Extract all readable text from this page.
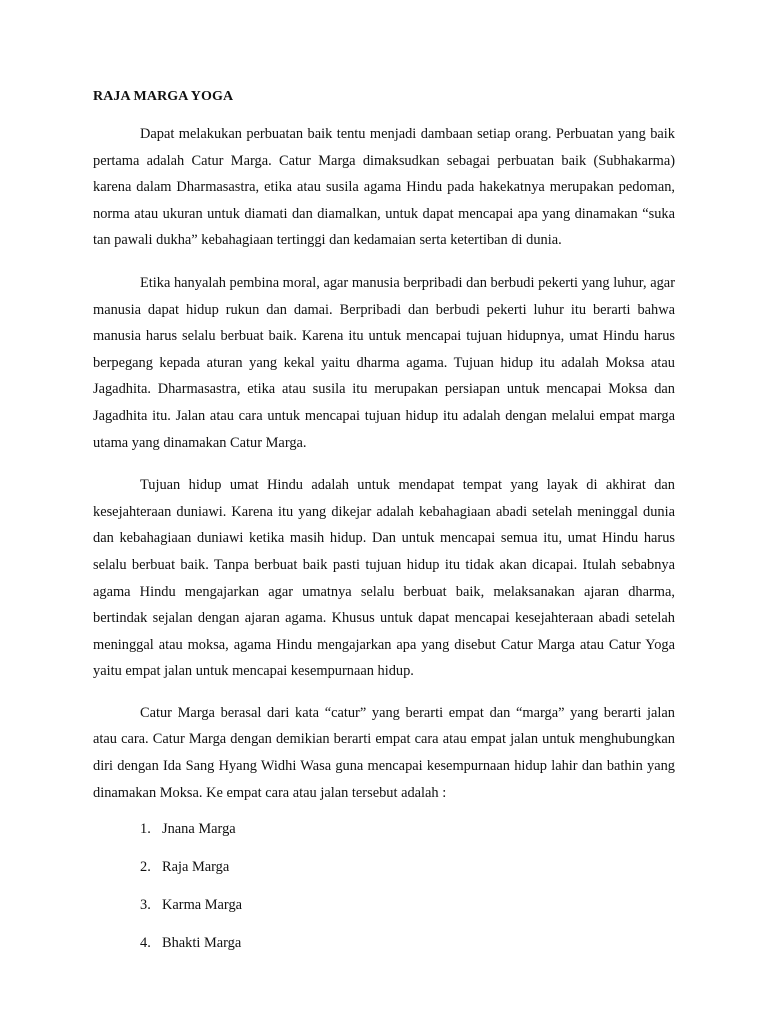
RAJA MARGA YOGA

Dapat melakukan perbuatan baik tentu menjadi dambaan setiap orang. Perbuatan yang baik pertama adalah Catur Marga. Catur Marga dimaksudkan sebagai perbuatan baik (Subhakarma) karena dalam Dharmasastra, etika atau susila agama Hindu pada hakekatnya merupakan pedoman, norma atau ukuran untuk diamati dan diamalkan, untuk dapat mencapai apa yang dinamakan “suka tan pawali dukha” kebahagiaan tertinggi dan kedamaian serta ketertiban di dunia.

Etika hanyalah pembina moral, agar manusia berpribadi dan berbudi pekerti yang luhur, agar manusia dapat hidup rukun dan damai. Berpribadi dan berbudi pekerti luhur itu berarti bahwa manusia harus selalu berbuat baik. Karena itu untuk mencapai tujuan hidupnya, umat Hindu harus berpegang kepada aturan yang kekal yaitu dharma agama. Tujuan hidup itu adalah Moksa atau Jagadhita. Dharmasastra, etika atau susila itu merupakan persiapan untuk mencapai Moksa dan Jagadhita itu. Jalan atau cara untuk mencapai tujuan hidup itu adalah dengan melalui empat marga utama yang dinamakan Catur Marga.

Tujuan hidup umat Hindu adalah untuk mendapat tempat yang layak di akhirat dan kesejahteraan duniawi. Karena itu yang dikejar adalah kebahagiaan abadi setelah meninggal dunia dan kebahagiaan duniawi ketika masih hidup. Dan untuk mencapai semua itu, umat Hindu harus selalu berbuat baik. Tanpa berbuat baik pasti tujuan hidup itu tidak akan dicapai. Itulah sebabnya agama Hindu mengajarkan agar umatnya selalu berbuat baik, melaksanakan ajaran dharma, bertindak sejalan dengan ajaran agama. Khusus untuk dapat mencapai kesejahteraan abadi setelah meninggal atau moksa, agama Hindu mengajarkan apa yang disebut Catur Marga atau Catur Yoga yaitu empat jalan untuk mencapai kesempurnaan hidup.

Catur Marga berasal dari kata “catur” yang berarti empat dan “marga” yang berarti jalan atau cara. Catur Marga dengan demikian berarti empat cara atau empat jalan untuk menghubungkan diri dengan Ida Sang Hyang Widhi Wasa guna mencapai kesempurnaan hidup lahir dan bathin yang dinamakan Moksa. Ke empat cara atau jalan tersebut adalah :

1. Jnana Marga
2. Raja Marga
3. Karma Marga
4. Bhakti Marga
